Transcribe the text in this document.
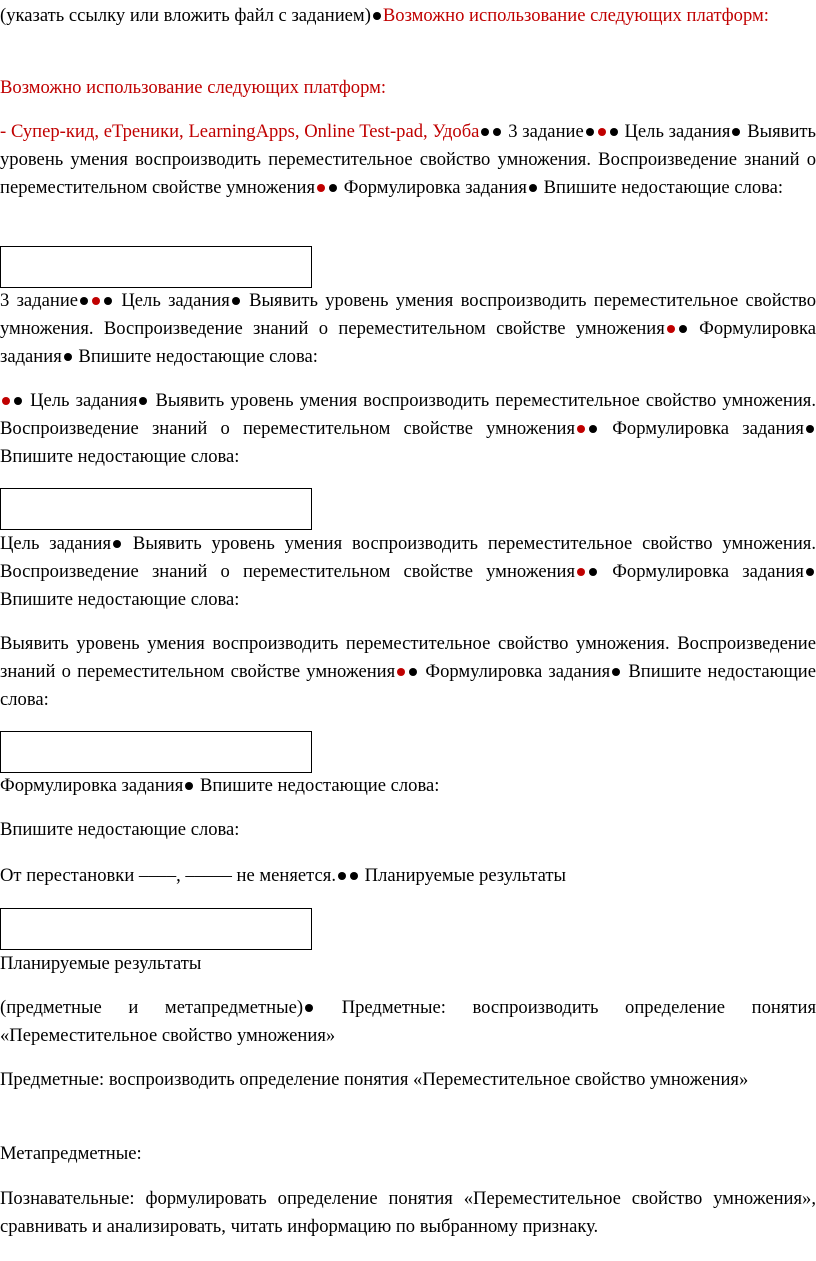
(указать ссылку или вложить файл с заданием) Возможно использование следующих платформ:

Возможно использование следующих платформ:

- Супер-кид, еТреники, LearningApps, Online Test-pad, Удоба 3 задание Цель задания Выявить уровень умения воспроизводить переместительное свойство умножения. Воспроизведение знаний о переместительном свойстве умножения Формулировка задания Впишите недостающие слова:

3 задание Цель задания Выявить уровень умения воспроизводить переместительное свойство умножения. Воспроизведение знаний о переместительном свойстве умножения Формулировка задания Впишите недостающие слова:

Цель задания Выявить уровень умения воспроизводить переместительное свойство умножения. Воспроизведение знаний о переместительном свойстве умножения Формулировка задания Впишите недостающие слова:

Цель задания Выявить уровень умения воспроизводить переместительное свойство умножения. Воспроизведение знаний о переместительном свойстве умножения Формулировка задания Впишите недостающие слова:

Выявить уровень умения воспроизводить переместительное свойство умножения. Воспроизведение знаний о переместительном свойстве умножения Формулировка задания Впишите недостающие слова:

Формулировка задания Впишите недостающие слова:

Впишите недостающие слова:

От перестановки ––––, ––––– не меняется. Планируемые результаты

Планируемые результаты

(предметные и метапредметные) Предметные: воспроизводить определение понятия «Переместительное свойство умножения»

Предметные: воспроизводить определение понятия «Переместительное свойство умножения»

Метапредметные:

Познавательные: формулировать определение понятия «Переместительное свойство умножения», сравнивать и анализировать, читать информацию по выбранному признаку.
